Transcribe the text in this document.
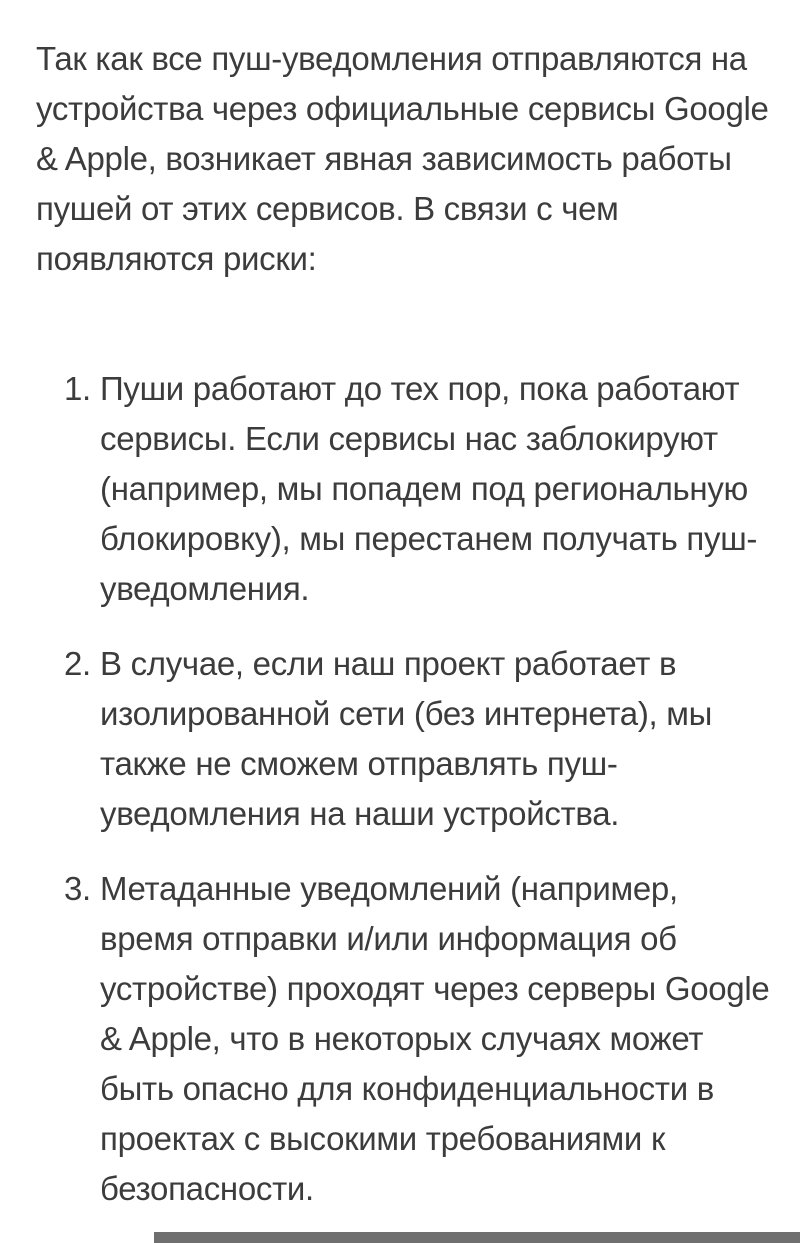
Так как все пуш-уведомления отправляются на устройства через официальные сервисы Google & Apple, возникает явная зависимость работы пушей от этих сервисов. В связи с чем появляются риски:

1. Пуши работают до тех пор, пока работают сервисы. Если сервисы нас заблокируют (например, мы попадем под региональную блокировку), мы перестанем получать пуш-уведомления.
2. В случае, если наш проект работает в изолированной сети (без интернета), мы также не сможем отправлять пуш-уведомления на наши устройства.
3. Метаданные уведомлений (например, время отправки и/или информация об устройстве) проходят через серверы Google & Apple, что в некоторых случаях может быть опасно для конфиденциальности в проектах с высокими требованиями к безопасности.
